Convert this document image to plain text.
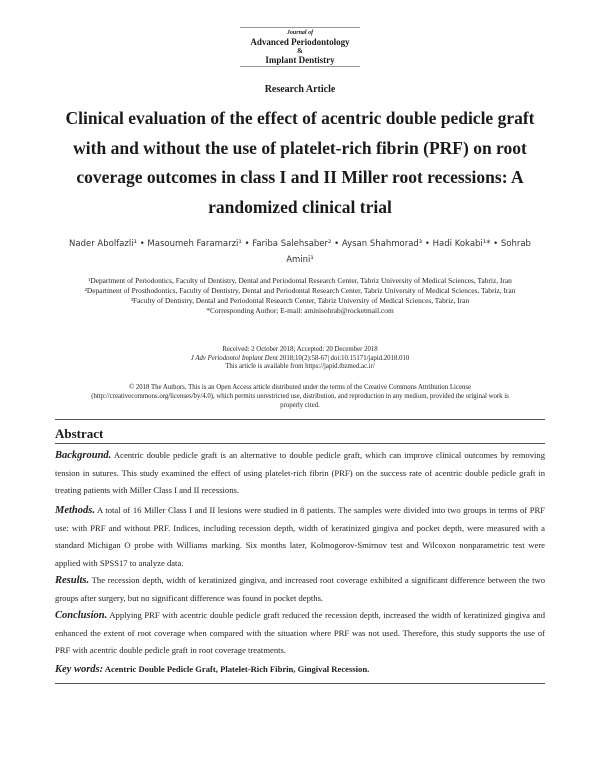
Journal of
Advanced Periodontology
&
Implant Dentistry
Research Article
Clinical evaluation of the effect of acentric double pedicle graft with and without the use of platelet-rich fibrin (PRF) on root coverage outcomes in class I and II Miller root recessions: A randomized clinical trial
Nader Abolfazli¹ • Masoumeh Faramarzi¹ • Fariba Salehsaber² • Aysan Shahmorad³ • Hadi Kokabi¹* • Sohrab Amini¹
¹Department of Periodontics, Faculty of Dentistry, Dental and Periodontal Research Center, Tabriz University of Medical Sciences, Tabriz, Iran
²Department of Prosthodontics, Faculty of Dentistry, Dental and Periodontal Research Center, Tabriz University of Medical Sciences, Tabriz, Iran
³Faculty of Dentistry, Dental and Periodontal Research Center, Tabriz University of Medical Sciences, Tabriz, Iran
*Corresponding Author; E-mail: aminisohrab@rocketmail.com
Received: 2 October 2018; Accepted: 20 December 2018
J Adv Periodontol Implant Dent 2018;10(2):58-67| doi:10.15171/japid.2018.010
This article is available from https://japid.tbzmed.ac.ir/
© 2018 The Authors. This is an Open Access article distributed under the terms of the Creative Commons Attribution License (http://creativecommons.org/licenses/by/4.0), which permits unrestricted use, distribution, and reproduction in any medium, provided the original work is properly cited.
Abstract

Background. Acentric double pedicle graft is an alternative to double pedicle graft, which can improve clinical outcomes by removing tension in sutures. This study examined the effect of using platelet-rich fibrin (PRF) on the success rate of acentric double pedicle graft in treating patients with Miller Class I and II recessions.

Methods. A total of 16 Miller Class I and II lesions were studied in 8 patients. The samples were divided into two groups in terms of PRF use: with PRF and without PRF. Indices, including recession depth, width of keratinized gingiva and pocket depth, were measured with a standard Michigan O probe with Williams marking. Six months later, Kolmogorov-Smirnov test and Wilcoxon nonparametric test were applied with SPSS17 to analyze data.

Results. The recession depth, width of keratinized gingiva, and increased root coverage exhibited a significant difference between the two groups after surgery, but no significant difference was found in pocket depths.

Conclusion. Applying PRF with acentric double pedicle graft reduced the recession depth, increased the width of keratinized gingiva and enhanced the extent of root coverage when compared with the situation where PRF was not used. Therefore, this study supports the use of PRF with acentric double pedicle graft in root coverage treatments.

Key words: Acentric Double Pedicle Graft, Platelet-Rich Fibrin, Gingival Recession.
